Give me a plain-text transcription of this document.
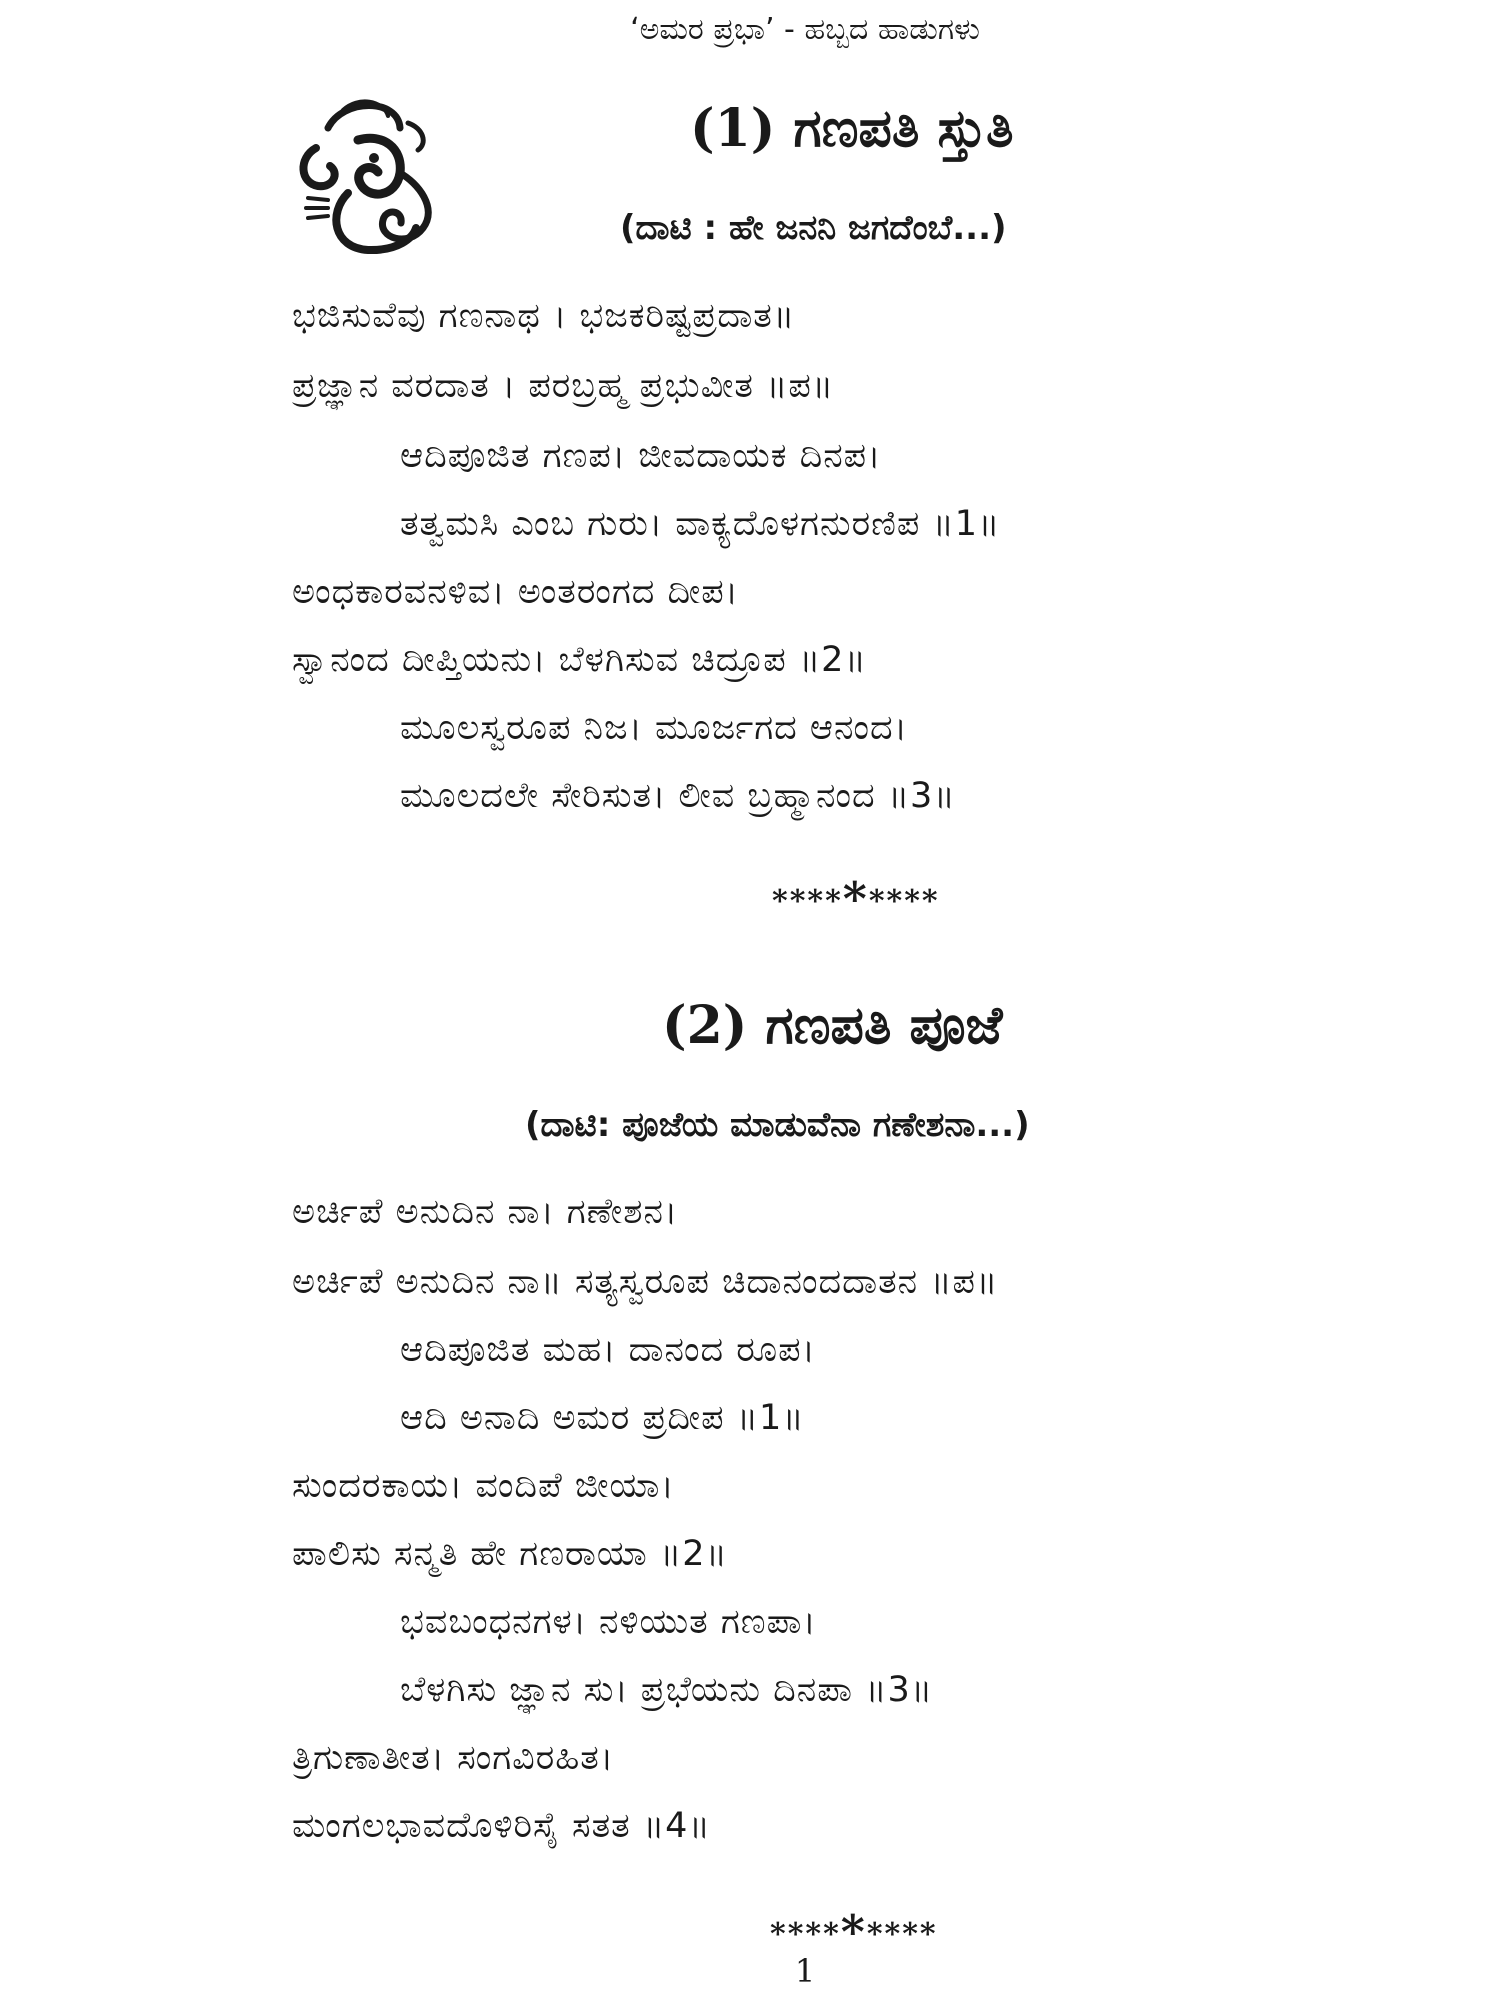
‘ಅಮರ ಪ್ರಭಾ’ - ಹಬ್ಬದ ಹಾಡುಗಳು
(1) ಗಣಪತಿ ಸ್ತುತಿ
(ದಾಟಿ : ಹೇ ಜನನಿ ಜಗದೆಂಬೆ...)
ಭಜಿಸುವೆವು ಗಣನಾಥ । ಭಜಕರಿಷ್ಟಪ್ರದಾತ॥
ಪ್ರಜ್ಞಾನ ವರದಾತ । ಪರಬ್ರಹ್ಮ ಪ್ರಭುವೀತ ॥ಪ॥
ಆದಿಪೂಜಿತ ಗಣಪ। ಜೀವದಾಯಕ ದಿನಪ।
ತತ್ವಮಸಿ ಎಂಬ ಗುರು। ವಾಕ್ಯದೊಳಗನುರಣಿಪ ॥1॥
ಅಂಧಕಾರವನಳಿವ। ಅಂತರಂಗದ ದೀಪ।
ಸ್ವಾನಂದ ದೀಪ್ತಿಯನು। ಬೆಳಗಿಸುವ ಚಿದ್ರೂಪ ॥2॥
ಮೂಲಸ್ವರೂಪ ನಿಜ। ಮೂರ್ಜಗದ ಆನಂದ।
ಮೂಲದಲೇ ಸೇರಿಸುತ। ಲೀವ ಬ್ರಹ್ಮಾನಂದ ॥3॥
*********
(2) ಗಣಪತಿ ಪೂಜೆ
(ದಾಟಿ: ಪೂಜೆಯ ಮಾಡುವೆನಾ ಗಣೇಶನಾ...)
ಅರ್ಚಿಪೆ ಅನುದಿನ ನಾ। ಗಣೇಶನ।
ಅರ್ಚಿಪೆ ಅನುದಿನ ನಾ॥ ಸತ್ಯಸ್ವರೂಪ ಚಿದಾನಂದದಾತನ ॥ಪ॥
ಆದಿಪೂಜಿತ ಮಹ। ದಾನಂದ ರೂಪ।
ಆದಿ ಅನಾದಿ ಅಮರ ಪ್ರದೀಪ ॥1॥
ಸುಂದರಕಾಯ। ವಂದಿಪೆ ಜೀಯಾ।
ಪಾಲಿಸು ಸನ್ಮತಿ ಹೇ ಗಣರಾಯಾ ॥2॥
ಭವಬಂಧನಗಳ। ನಳಿಯುತ ಗಣಪಾ।
ಬೆಳಗಿಸು ಜ್ಞಾನ ಸು। ಪ್ರಭೆಯನು ದಿನಪಾ ॥3॥
ತ್ರಿಗುಣಾತೀತ। ಸಂಗವಿರಹಿತ।
ಮಂಗಲಭಾವದೊಳಿರಿಸೈ ಸತತ ॥4॥
*********
1
